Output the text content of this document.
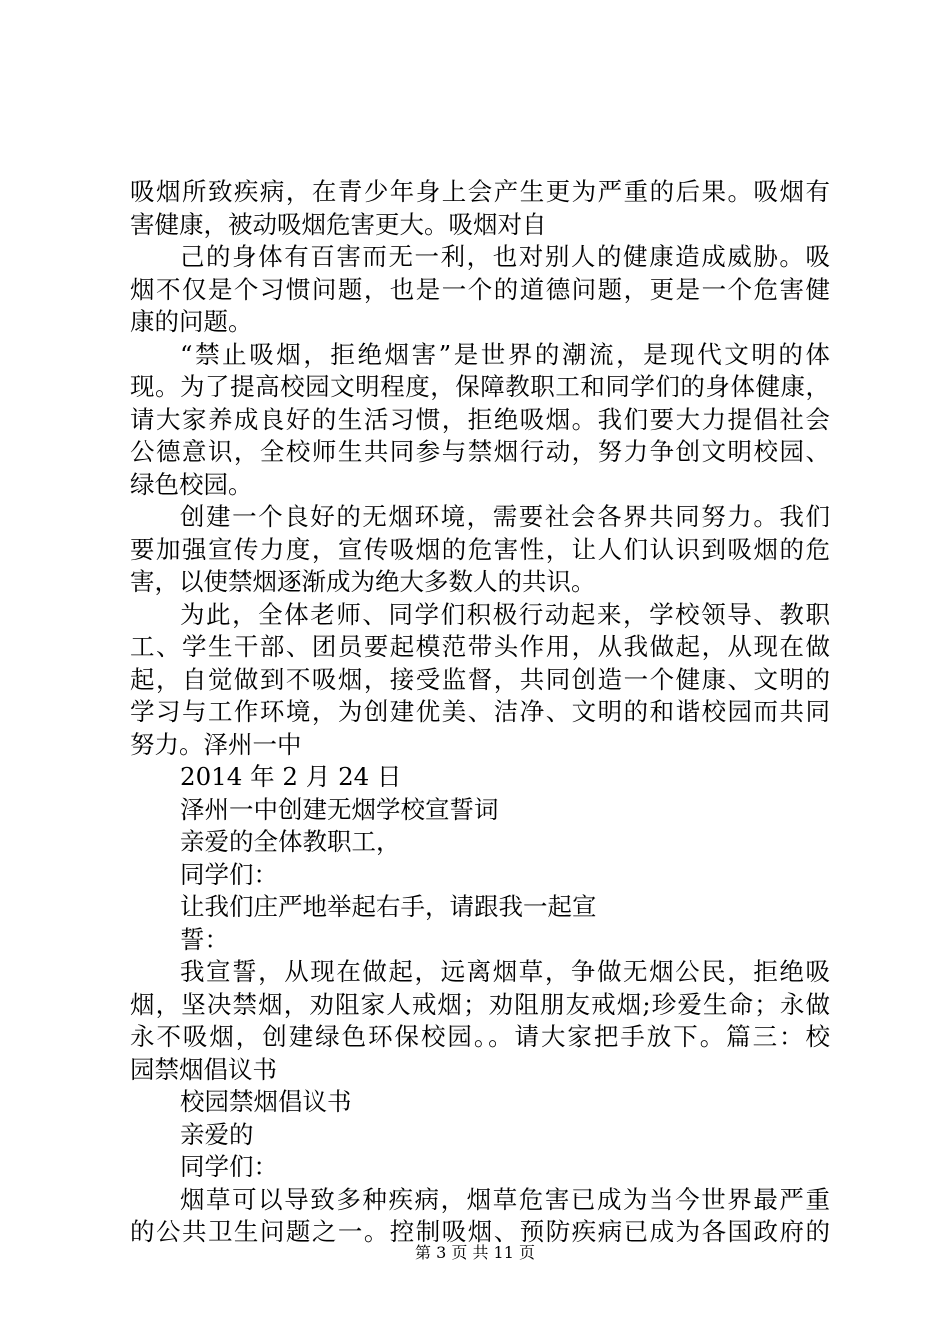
吸烟所致疾病，在青少年身上会产生更为严重的后果。吸烟有
害健康，被动吸烟危害更大。吸烟对自
己的身体有百害而无一利，也对别人的健康造成威胁。吸
烟不仅是个习惯问题，也是一个的道德问题，更是一个危害健
康的问题。
“禁止吸烟，拒绝烟害”是世界的潮流，是现代文明的体
现。为了提高校园文明程度，保障教职工和同学们的身体健康，
请大家养成良好的生活习惯，拒绝吸烟。我们要大力提倡社会
公德意识，全校师生共同参与禁烟行动，努力争创文明校园、
绿色校园。
创建一个良好的无烟环境，需要社会各界共同努力。我们
要加强宣传力度，宣传吸烟的危害性，让人们认识到吸烟的危
害，以使禁烟逐渐成为绝大多数人的共识。
为此，全体老师、同学们积极行动起来，学校领导、教职
工、学生干部、团员要起模范带头作用，从我做起，从现在做
起，自觉做到不吸烟，接受监督，共同创造一个健康、文明的
学习与工作环境，为创建优美、洁净、文明的和谐校园而共同
努力。泽州一中
2014 年 2 月 24 日
泽州一中创建无烟学校宣誓词
亲爱的全体教职工，
同学们：
让我们庄严地举起右手，请跟我一起宣
誓：
我宣誓，从现在做起，远离烟草，争做无烟公民，拒绝吸
烟，坚决禁烟，劝阻家人戒烟；劝阻朋友戒烟;珍爱生命；永做
永不吸烟，创建绿色环保校园。。请大家把手放下。篇三：校
园禁烟倡议书
校园禁烟倡议书
亲爱的
同学们：
烟草可以导致多种疾病，烟草危害已成为当今世界最严重
的公共卫生问题之一。控制吸烟、预防疾病已成为各国政府的
第 3 页 共 11 页
